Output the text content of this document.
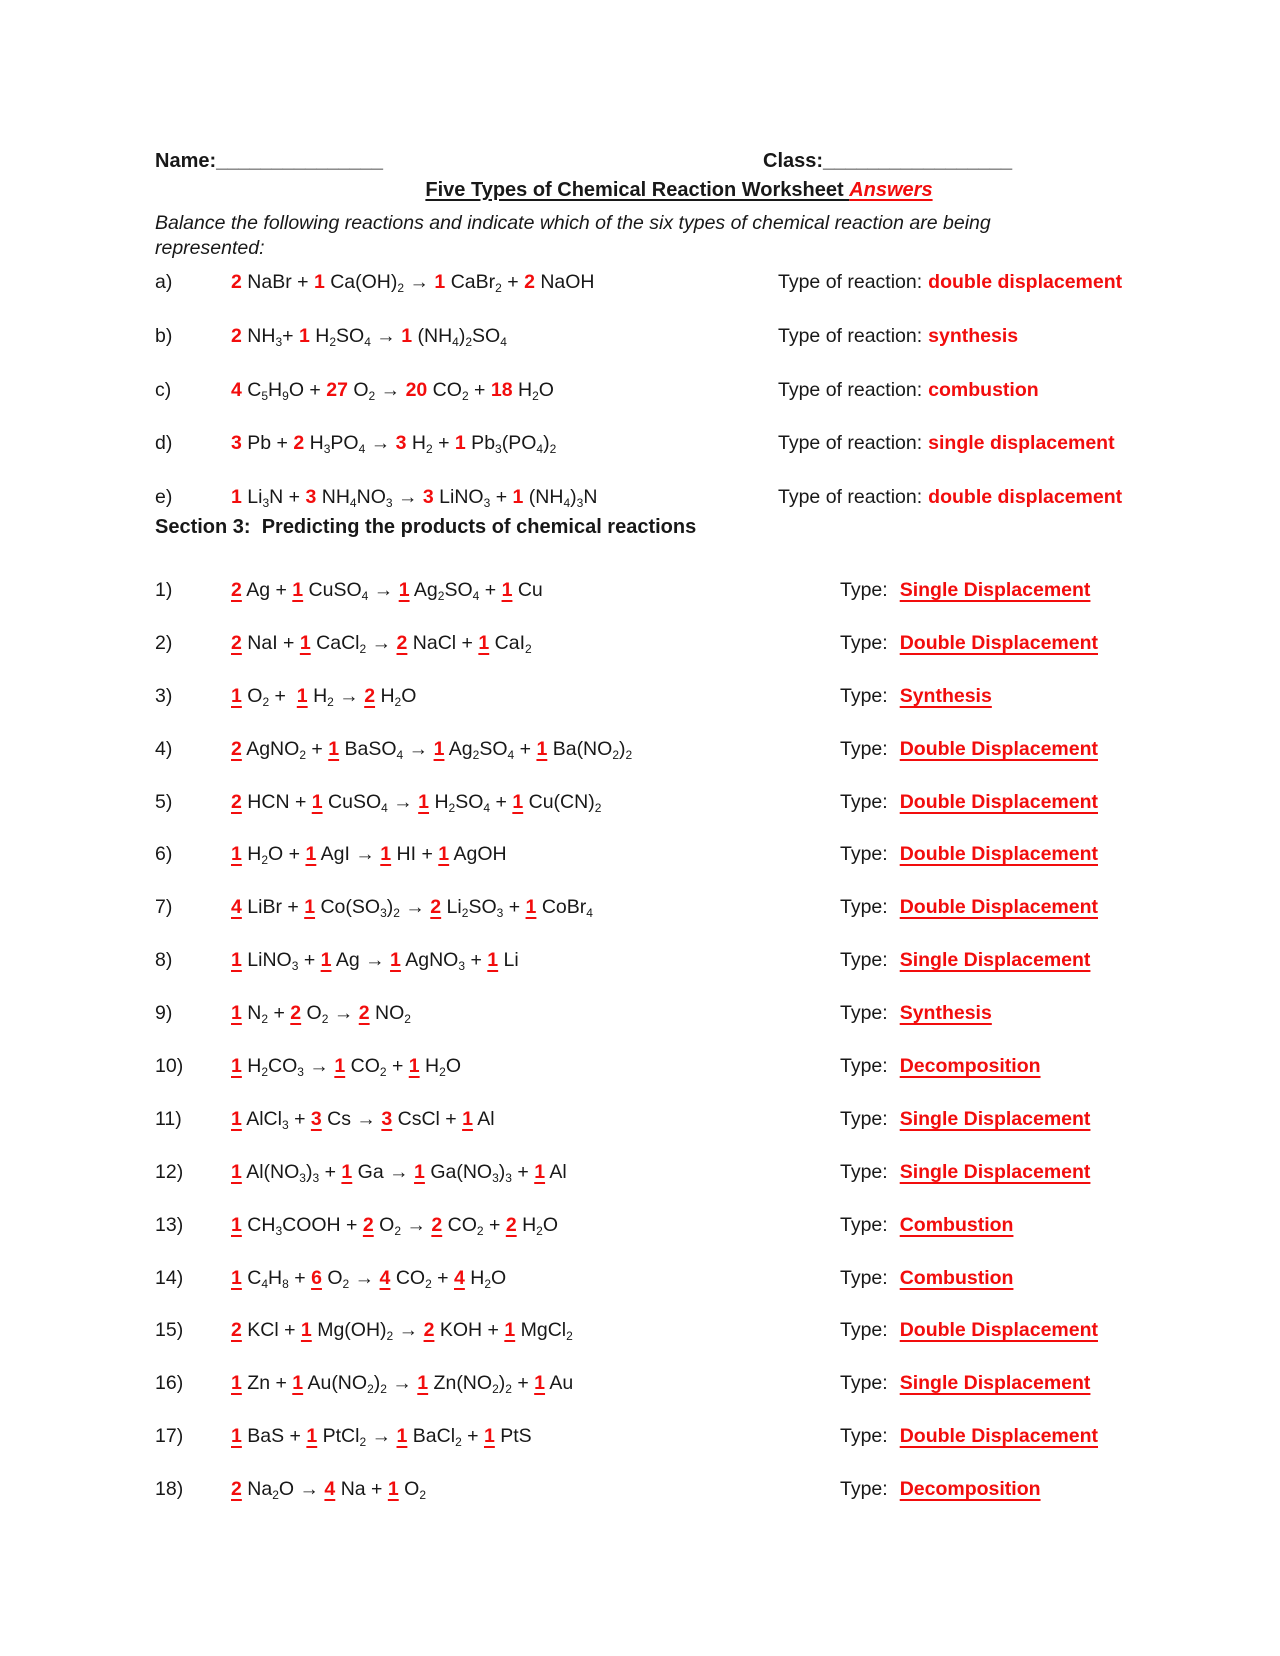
Name:_______________	Class:_________________
Five Types of Chemical Reaction Worksheet Answers
Balance the following reactions and indicate which of the six types of chemical reaction are being represented:
a)	2 NaBr + 1 $Ca(OH)_2 \to 1$ CaBr$_2$ + 2 NaOH	Type of reaction: double displacement
b)	2 $NH_3+ 1$ $H_2SO_4 \to 1$ $(NH_4)_2SO_4$	Type of reaction: synthesis
c)	4 $C_5H_9O + 27$ $O_2 \to 20$ $CO_2 + 18$ $H_2O$	Type of reaction: combustion
d)	3 Pb + 2 $H_3PO_4 \to 3$ $H_2 + 1$ $Pb_3(PO_4)_2$	Type of reaction: single displacement
e)	1 $Li_3N + 3$ $NH_4NO_3 \to 3$ LiNO$_3$ + 1 $(NH_4)_3N$	Type of reaction: double displacement
Section 3:  Predicting the products of chemical reactions
1)	2 Ag + 1 CuSO$_4$ → 1 $Ag_2SO_4 + 1$ Cu	Type: Single Displacement
2)	2 NaI + 1 CaCl$_2$ → 2 NaCl + 1 CaI$_2$	Type: Double Displacement
3)	1 $O_2 + 1$ $H_2 \to 2$ $H_2O$	Type: Synthesis
4)	2 AgNO$_2$ + 1 BaSO$_4$ → 1 $Ag_2SO_4 + 1$ $Ba(NO_2)_2$	Type: Double Displacement
5)	2 HCN + 1 CuSO$_4$ → 1 $H_2SO_4 + 1$ $Cu(CN)_2$	Type: Double Displacement
6)	1 $H_2O + 1$ AgI → 1 HI + 1 AgOH	Type: Double Displacement
7)	4 LiBr + 1 $Co(SO_3)_2 \to 2$ $Li_2SO_3 + 1$ CoBr$_4$	Type: Double Displacement
8)	1 LiNO$_3$ + 1 Ag → 1 AgNO$_3$ + 1 Li	Type: Single Displacement
9)	1 $N_2 + 2$ $O_2 \to 2$ $NO_2$	Type: Synthesis
10)	1 $H_2CO_3 \to 1$ $CO_2 + 1$ $H_2O$	Type: Decomposition
11)	1 AlCl$_3$ + 3 Cs → 3 CsCl + 1 Al	Type: Single Displacement
12)	1 $Al(NO_3)_3 + 1$ Ga → 1 $Ga(NO_3)_3 + 1$ Al	Type: Single Displacement
13)	1 $CH_3COOH + 2$ $O_2 \to 2$ $CO_2 + 2$ $H_2O$	Type: Combustion
14)	1 $C_4H_8 + 6$ $O_2 \to 4$ $CO_2 + 4$ $H_2O$	Type: Combustion
15)	2 KCl + 1 $Mg(OH)_2 \to 2$ KOH + 1 MgCl$_2$	Type: Double Displacement
16)	1 Zn + 1 $Au(NO_2)_2 \to 1$ $Zn(NO_2)_2 + 1$ Au	Type: Single Displacement
17)	1 BaS + 1 PtCl$_2$ → 1 BaCl$_2$ + 1 PtS	Type: Double Displacement
18)	2 $Na_2O \to 4$ Na + 1 $O_2$	Type: Decomposition
